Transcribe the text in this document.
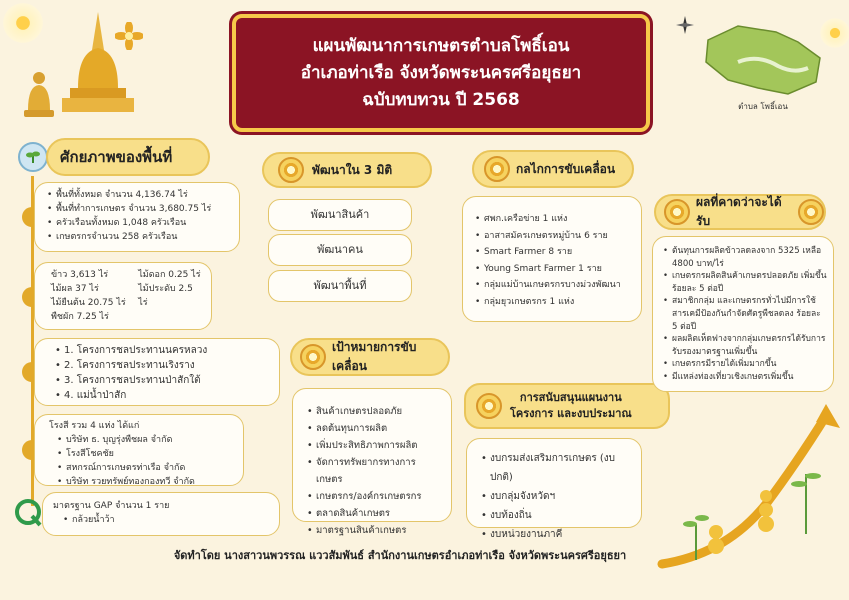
แผนพัฒนาการเกษตรตำบลโพธิ์เอน
อำเภอท่าเรือ จังหวัดพระนครศรีอยุธยา
ฉบับทบทวน ปี 2568	ตำบล โพธิ์เอน
ศักยภาพของพื้นที่
• พื้นที่ทั้งหมด จำนวน 4,136.74 ไร่
• พื้นที่ทำการเกษตร จำนวน 3,680.75 ไร่
• ครัวเรือนทั้งหมด 1,048 ครัวเรือน
• เกษตรกรจำนวน 258 ครัวเรือน
ข้าว 3,613 ไร่
ไม้ผล 37 ไร่
ไม้ยืนต้น 20.75 ไร่
พืชผัก 7.25 ไร่
ไม้ดอก 0.25 ไร่
ไม้ประดับ 2.5 ไร่
• 1. โครงการชลประทานนครหลวง
• 2. โครงการชลประทานเริงราง
• 3. โครงการชลประทานป่าสักใต้
• 4. แม่น้ำป่าสัก
โรงสี รวม 4 แห่ง ได้แก่
• บริษัท ธ. บุญรุ่งพืชผล จำกัด
• โรงสีโชคชัย
• สหกรณ์การเกษตรท่าเรือ จำกัด
• บริษัท รวยทรัพย์ทองกองทวี จำกัด
มาตรฐาน GAP จำนวน 1 ราย
• กล้วยน้ำว้า
พัฒนาใน 3 มิติ
พัฒนาสินค้า
พัฒนาคน
พัฒนาพื้นที่
เป้าหมายการขับเคลื่อน
• สินค้าเกษตรปลอดภัย
• ลดต้นทุนการผลิต
• เพิ่มประสิทธิภาพการผลิต
• จัดการทรัพยากรทางการเกษตร
• เกษตรกร/องค์กรเกษตรกร
• ตลาดสินค้าเกษตร
• มาตรฐานสินค้าเกษตร
กลไกการขับเคลื่อน
• ศพก.เครือข่าย 1 แห่ง
• อาสาสมัครเกษตรหมู่บ้าน 6 ราย
• Smart Farmer 8 ราย
• Young Smart Farmer 1 ราย
• กลุ่มแม่บ้านเกษตรกรบางม่วงพัฒนา
• กลุ่มยุวเกษตรกร 1 แห่ง
การสนับสนุนแผนงาน
โครงการ และงบประมาณ
• งบกรมส่งเสริมการเกษตร (งบปกติ)
• งบกลุ่มจังหวัดฯ
• งบท้องถิ่น
• งบหน่วยงานภาคี
ผลที่คาดว่าจะได้รับ
• ต้นทุนการผลิตข้าวลดลงจาก 5325 เหลือ 4800 บาท/ไร่
• เกษตรกรผลิตสินค้าเกษตรปลอดภัย เพิ่มขึ้น ร้อยละ 5 ต่อปี
• สมาชิกกลุ่ม และเกษตรกรทั่วไปมีการใช้สารเคมีป้องกันกำจัดศัตรูพืชลดลง ร้อยละ 5 ต่อปี
• ผลผลิตเห็ดฟางจากกลุ่มเกษตรกรได้รับการรับรองมาตรฐานเพิ่มขึ้น
• เกษตรกรมีรายได้เพิ่มมากขึ้น
• มีแหล่งท่องเที่ยวเชิงเกษตรเพิ่มขึ้น
จัดทำโดย นางสาวนพวรรณ แววสัมพันธ์ สำนักงานเกษตรอำเภอท่าเรือ จังหวัดพระนครศรีอยุธยา
